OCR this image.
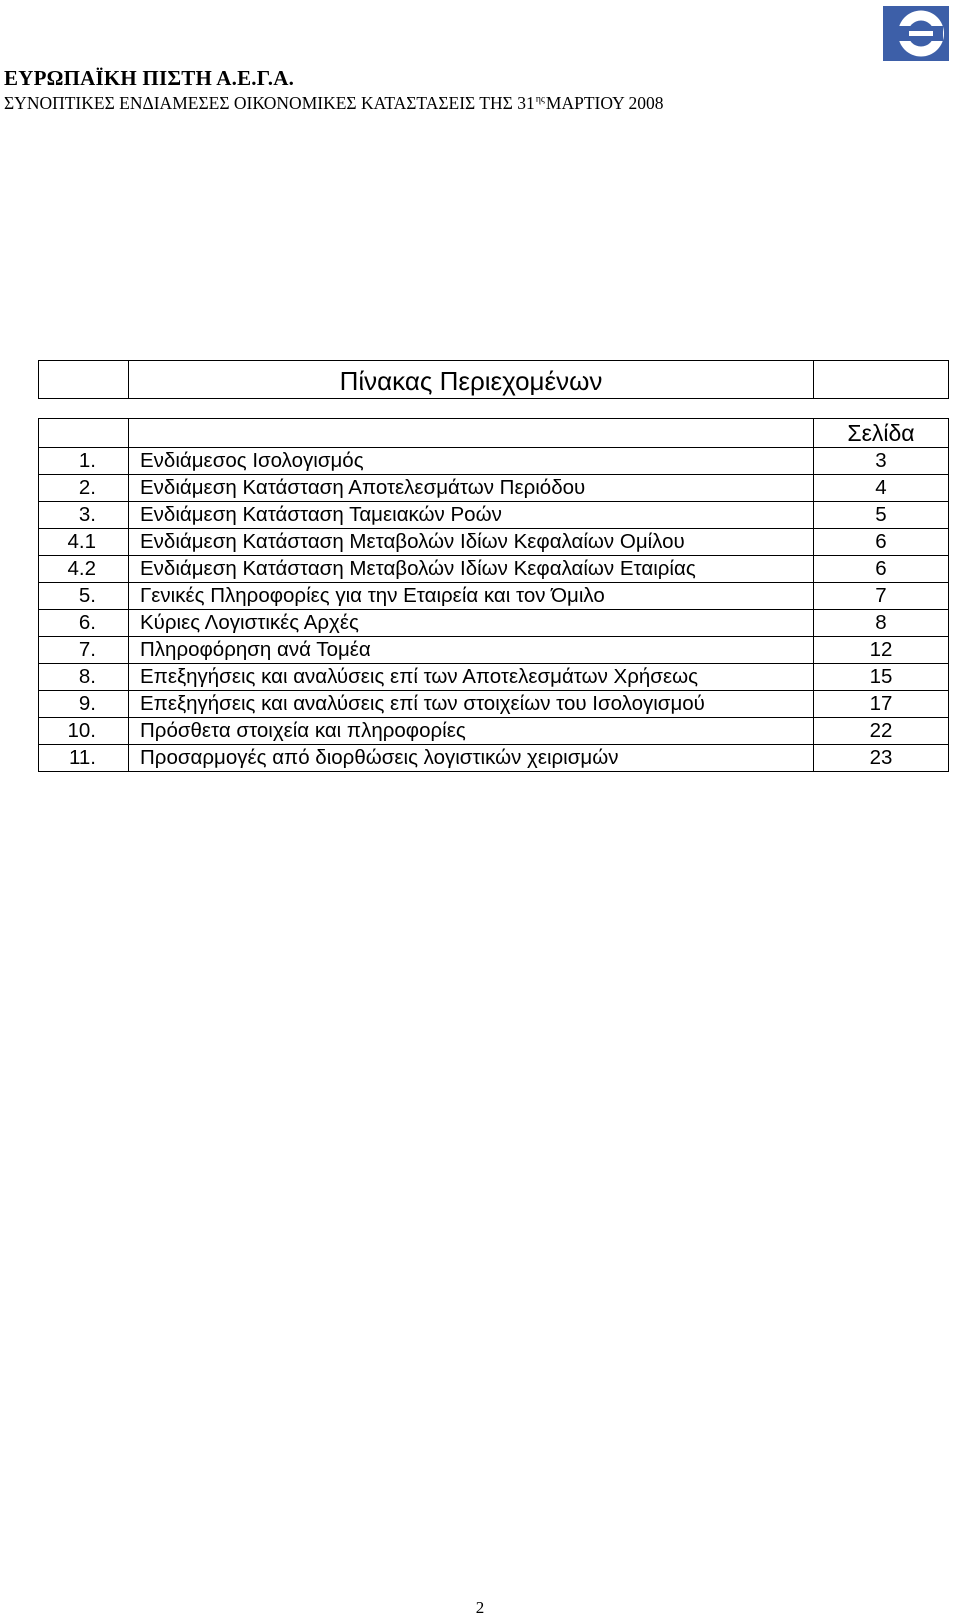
ΕΥΡΩΠΑΪΚΗ ΠΙΣΤΗ Α.Ε.Γ.Α.
ΣΥΝΟΠΤΙΚΕΣ ΕΝΔΙΑΜΕΣΕΣ ΟΙΚΟΝΟΜΙΚΕΣ ΚΑΤΑΣΤΑΣΕΙΣ ΤΗΣ $31^{\eta\varsigma}MAPTIO\Upsilon$ 2008
	Πίνακας Περιεχομένων	
		Σελίδα
1.	Ενδιάμεσος Ισολογισμός	3
2.	Ενδιάμεση Κατάσταση Αποτελεσμάτων Περιόδου	4
3.	Ενδιάμεση Κατάσταση Ταμειακών Ροών	5
4.1	Ενδιάμεση Κατάσταση Μεταβολών Ιδίων Κεφαλαίων Ομίλου	6
4.2	Ενδιάμεση Κατάσταση Μεταβολών Ιδίων Κεφαλαίων Εταιρίας	6
5.	Γενικές Πληροφορίες για την Εταιρεία και τον Όμιλο	7
6.	Κύριες Λογιστικές Αρχές	8
7.	Πληροφόρηση ανά Τομέα	12
8.	Επεξηγήσεις και αναλύσεις επί των Αποτελεσμάτων Χρήσεως	15
9.	Επεξηγήσεις και αναλύσεις επί των στοιχείων του Ισολογισμού	17
10.	Πρόσθετα στοιχεία και πληροφορίες	22
11.	Προσαρμογές από διορθώσεις λογιστικών χειρισμών	23
2
